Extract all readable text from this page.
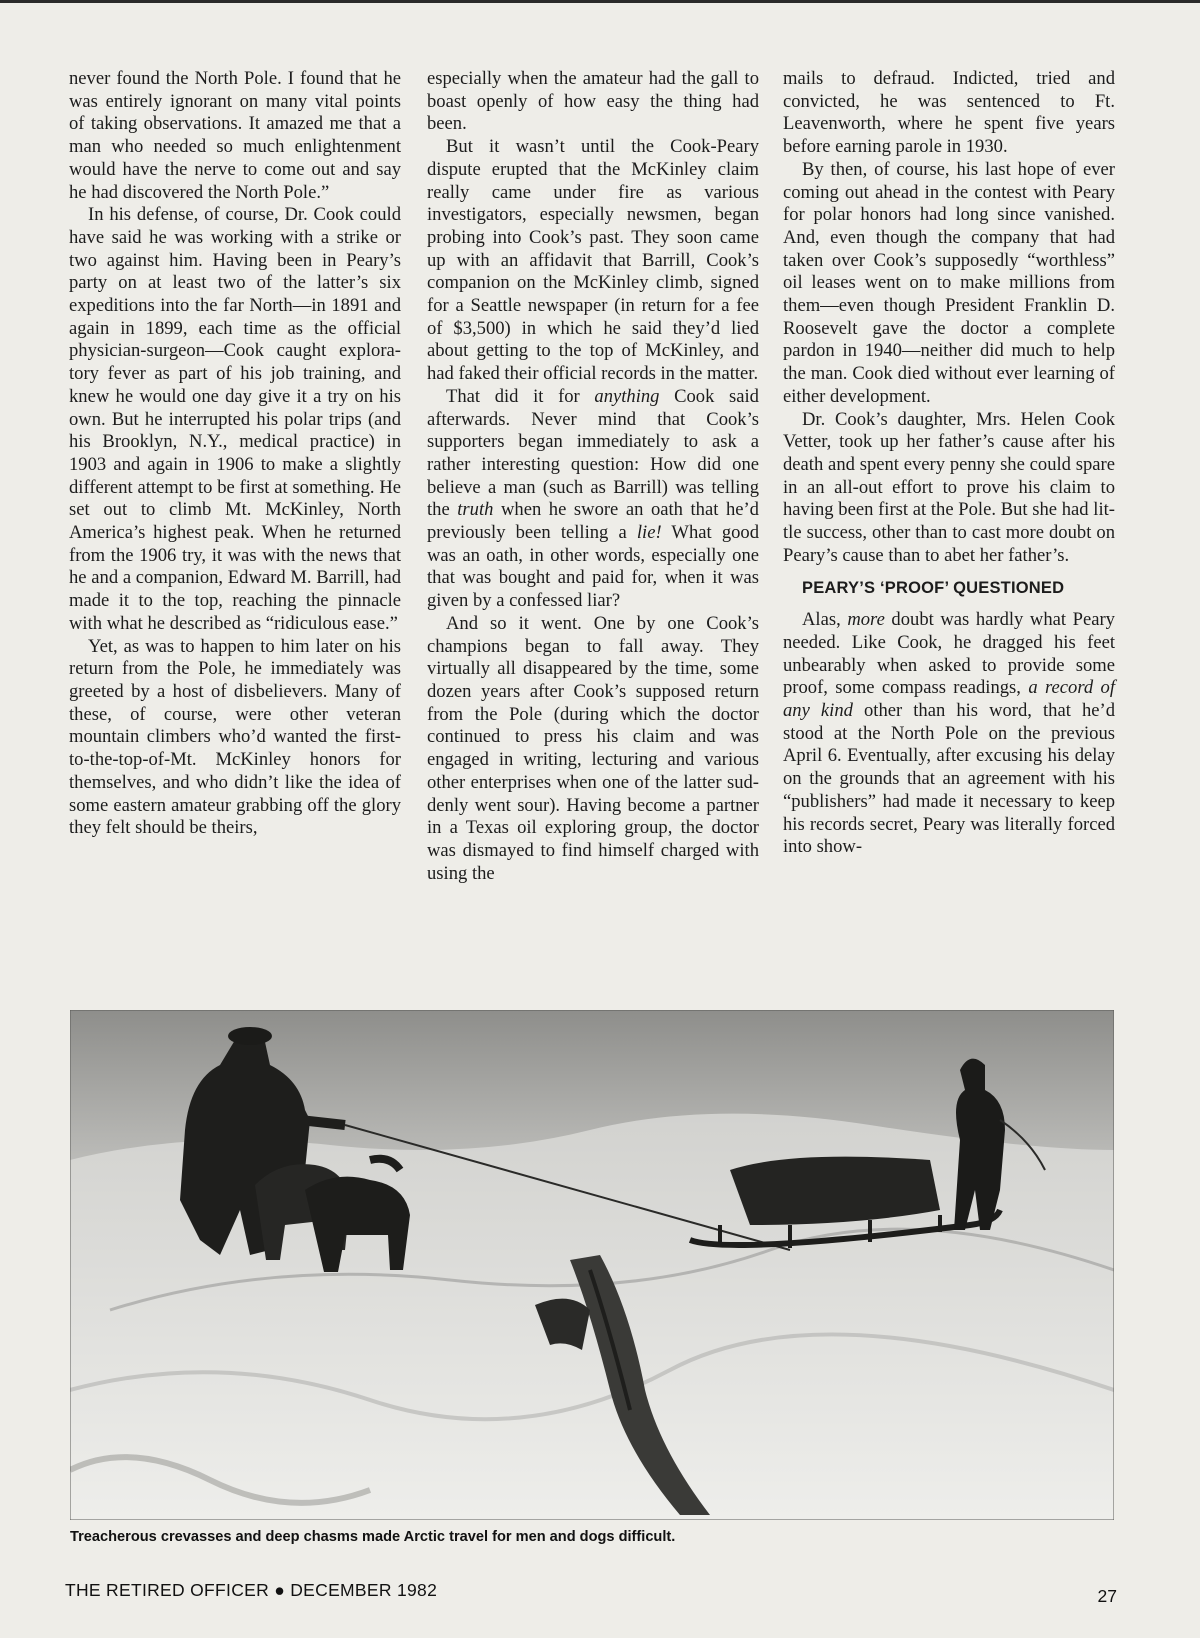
never found the North Pole. I found that he was entirely ignorant on many vital points of taking observations. It amazed me that a man who needed so much enlightenment would have the nerve to come out and say he had discovered the North Pole.”

In his defense, of course, Dr. Cook could have said he was working with a strike or two against him. Having been in Peary’s party on at least two of the latter’s six expeditions into the far North—in 1891 and again in 1899, each time as the official physician-surgeon—Cook caught exploratory fever as part of his job training, and knew he would one day give it a try on his own. But he interrupted his polar trips (and his Brooklyn, N.Y., medical practice) in 1903 and again in 1906 to make a slightly different attempt to be first at something. He set out to climb Mt. McKinley, North America’s highest peak. When he returned from the 1906 try, it was with the news that he and a companion, Edward M. Barrill, had made it to the top, reaching the pinnacle with what he described as “ridiculous ease.”

Yet, as was to happen to him later on his return from the Pole, he immediately was greeted by a host of disbelievers. Many of these, of course, were other veteran mountain climbers who’d wanted the first-to-the-top-of-Mt. McKinley honors for themselves, and who didn’t like the idea of some eastern amateur grabbing off the glory they felt should be theirs,

especially when the amateur had the gall to boast openly of how easy the thing had been.

But it wasn’t until the Cook-Peary dispute erupted that the McKinley claim really came under fire as various investigators, especially newsmen, began probing into Cook’s past. They soon came up with an affidavit that Barrill, Cook’s companion on the McKinley climb, signed for a Seattle newspaper (in return for a fee of $3,500) in which he said they’d lied about getting to the top of McKinley, and had faked their official records in the matter.

That did it for anything Cook said afterwards. Never mind that Cook’s supporters began immediately to ask a rather interesting question: How did one believe a man (such as Barrill) was telling the truth when he swore an oath that he’d previously been telling a lie! What good was an oath, in other words, especially one that was bought and paid for, when it was given by a confessed liar?

And so it went. One by one Cook’s champions began to fall away. They virtually all disappeared by the time, some dozen years after Cook’s supposed return from the Pole (during which the doctor continued to press his claim and was engaged in writing, lecturing and various other enterprises when one of the latter suddenly went sour). Having become a partner in a Texas oil exploring group, the doctor was dismayed to find himself charged with using the

mails to defraud. Indicted, tried and convicted, he was sentenced to Ft. Leavenworth, where he spent five years before earning parole in 1930.

By then, of course, his last hope of ever coming out ahead in the contest with Peary for polar honors had long since vanished. And, even though the company that had taken over Cook’s supposedly “worthless” oil leases went on to make millions from them—even though President Franklin D. Roosevelt gave the doctor a complete pardon in 1940—neither did much to help the man. Cook died without ever learning of either development.

Dr. Cook’s daughter, Mrs. Helen Cook Vetter, took up her father’s cause after his death and spent every penny she could spare in an all-out effort to prove his claim to having been first at the Pole. But she had little success, other than to cast more doubt on Peary’s cause than to abet her father’s.

PEARY’S ‘PROOF’ QUESTIONED

Alas, more doubt was hardly what Peary needed. Like Cook, he dragged his feet unbearably when asked to provide some proof, some compass readings, a record of any kind other than his word, that he’d stood at the North Pole on the previous April 6. Eventually, after excusing his delay on the grounds that an agreement with his “publishers” had made it necessary to keep his records secret, Peary was literally forced into show-

Treacherous crevasses and deep chasms made Arctic travel for men and dogs difficult.
THE RETIRED OFFICER ● DECEMBER 1982	27
